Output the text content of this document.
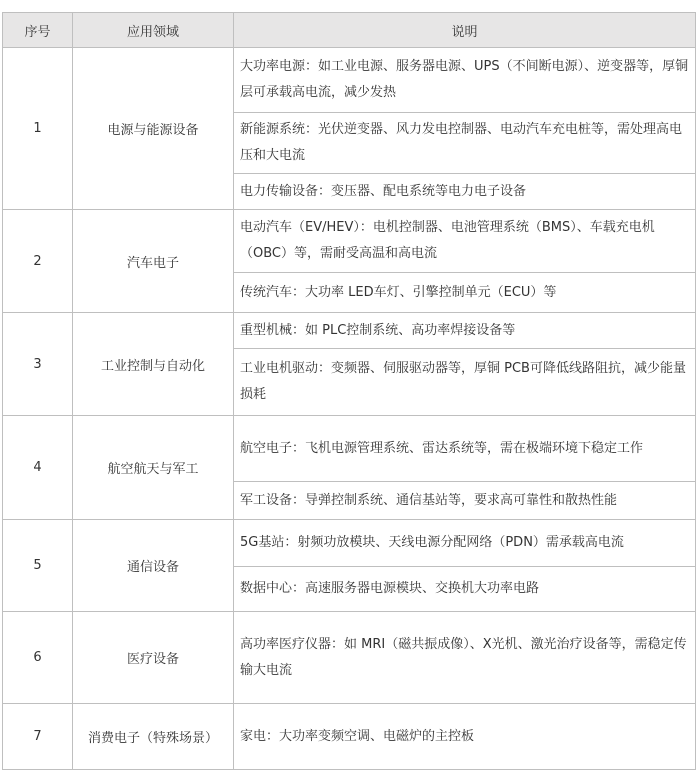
序号	应用领域	说明
1	电源与能源设备	大功率电源：如工业电源、服务器电源、UPS（不间断电源）、逆变器等，厚铜层可承载高电流，减少发热
		新能源系统：光伏逆变器、风力发电控制器、电动汽车充电桩等，需处理高电压和大电流
		电力传输设备：变压器、配电系统等电力电子设备
2	汽车电子	电动汽车（EV/HEV）：电机控制器、电池管理系统（BMS）、车载充电机（OBC）等，需耐受高温和高电流
		传统汽车：大功率 LED车灯、引擎控制单元（ECU）等
3	工业控制与自动化	重型机械：如 PLC控制系统、高功率焊接设备等
		工业电机驱动：变频器、伺服驱动器等，厚铜 PCB可降低线路阻抗，减少能量损耗
4	航空航天与军工	航空电子：飞机电源管理系统、雷达系统等，需在极端环境下稳定工作
		军工设备：导弹控制系统、通信基站等，要求高可靠性和散热性能
5	通信设备	5G基站：射频功放模块、天线电源分配网络（PDN）需承载高电流
		数据中心：高速服务器电源模块、交换机大功率电路
6	医疗设备	高功率医疗仪器：如 MRI（磁共振成像）、X光机、激光治疗设备等，需稳定传输大电流
7	消费电子（特殊场景）	家电：大功率变频空调、电磁炉的主控板
